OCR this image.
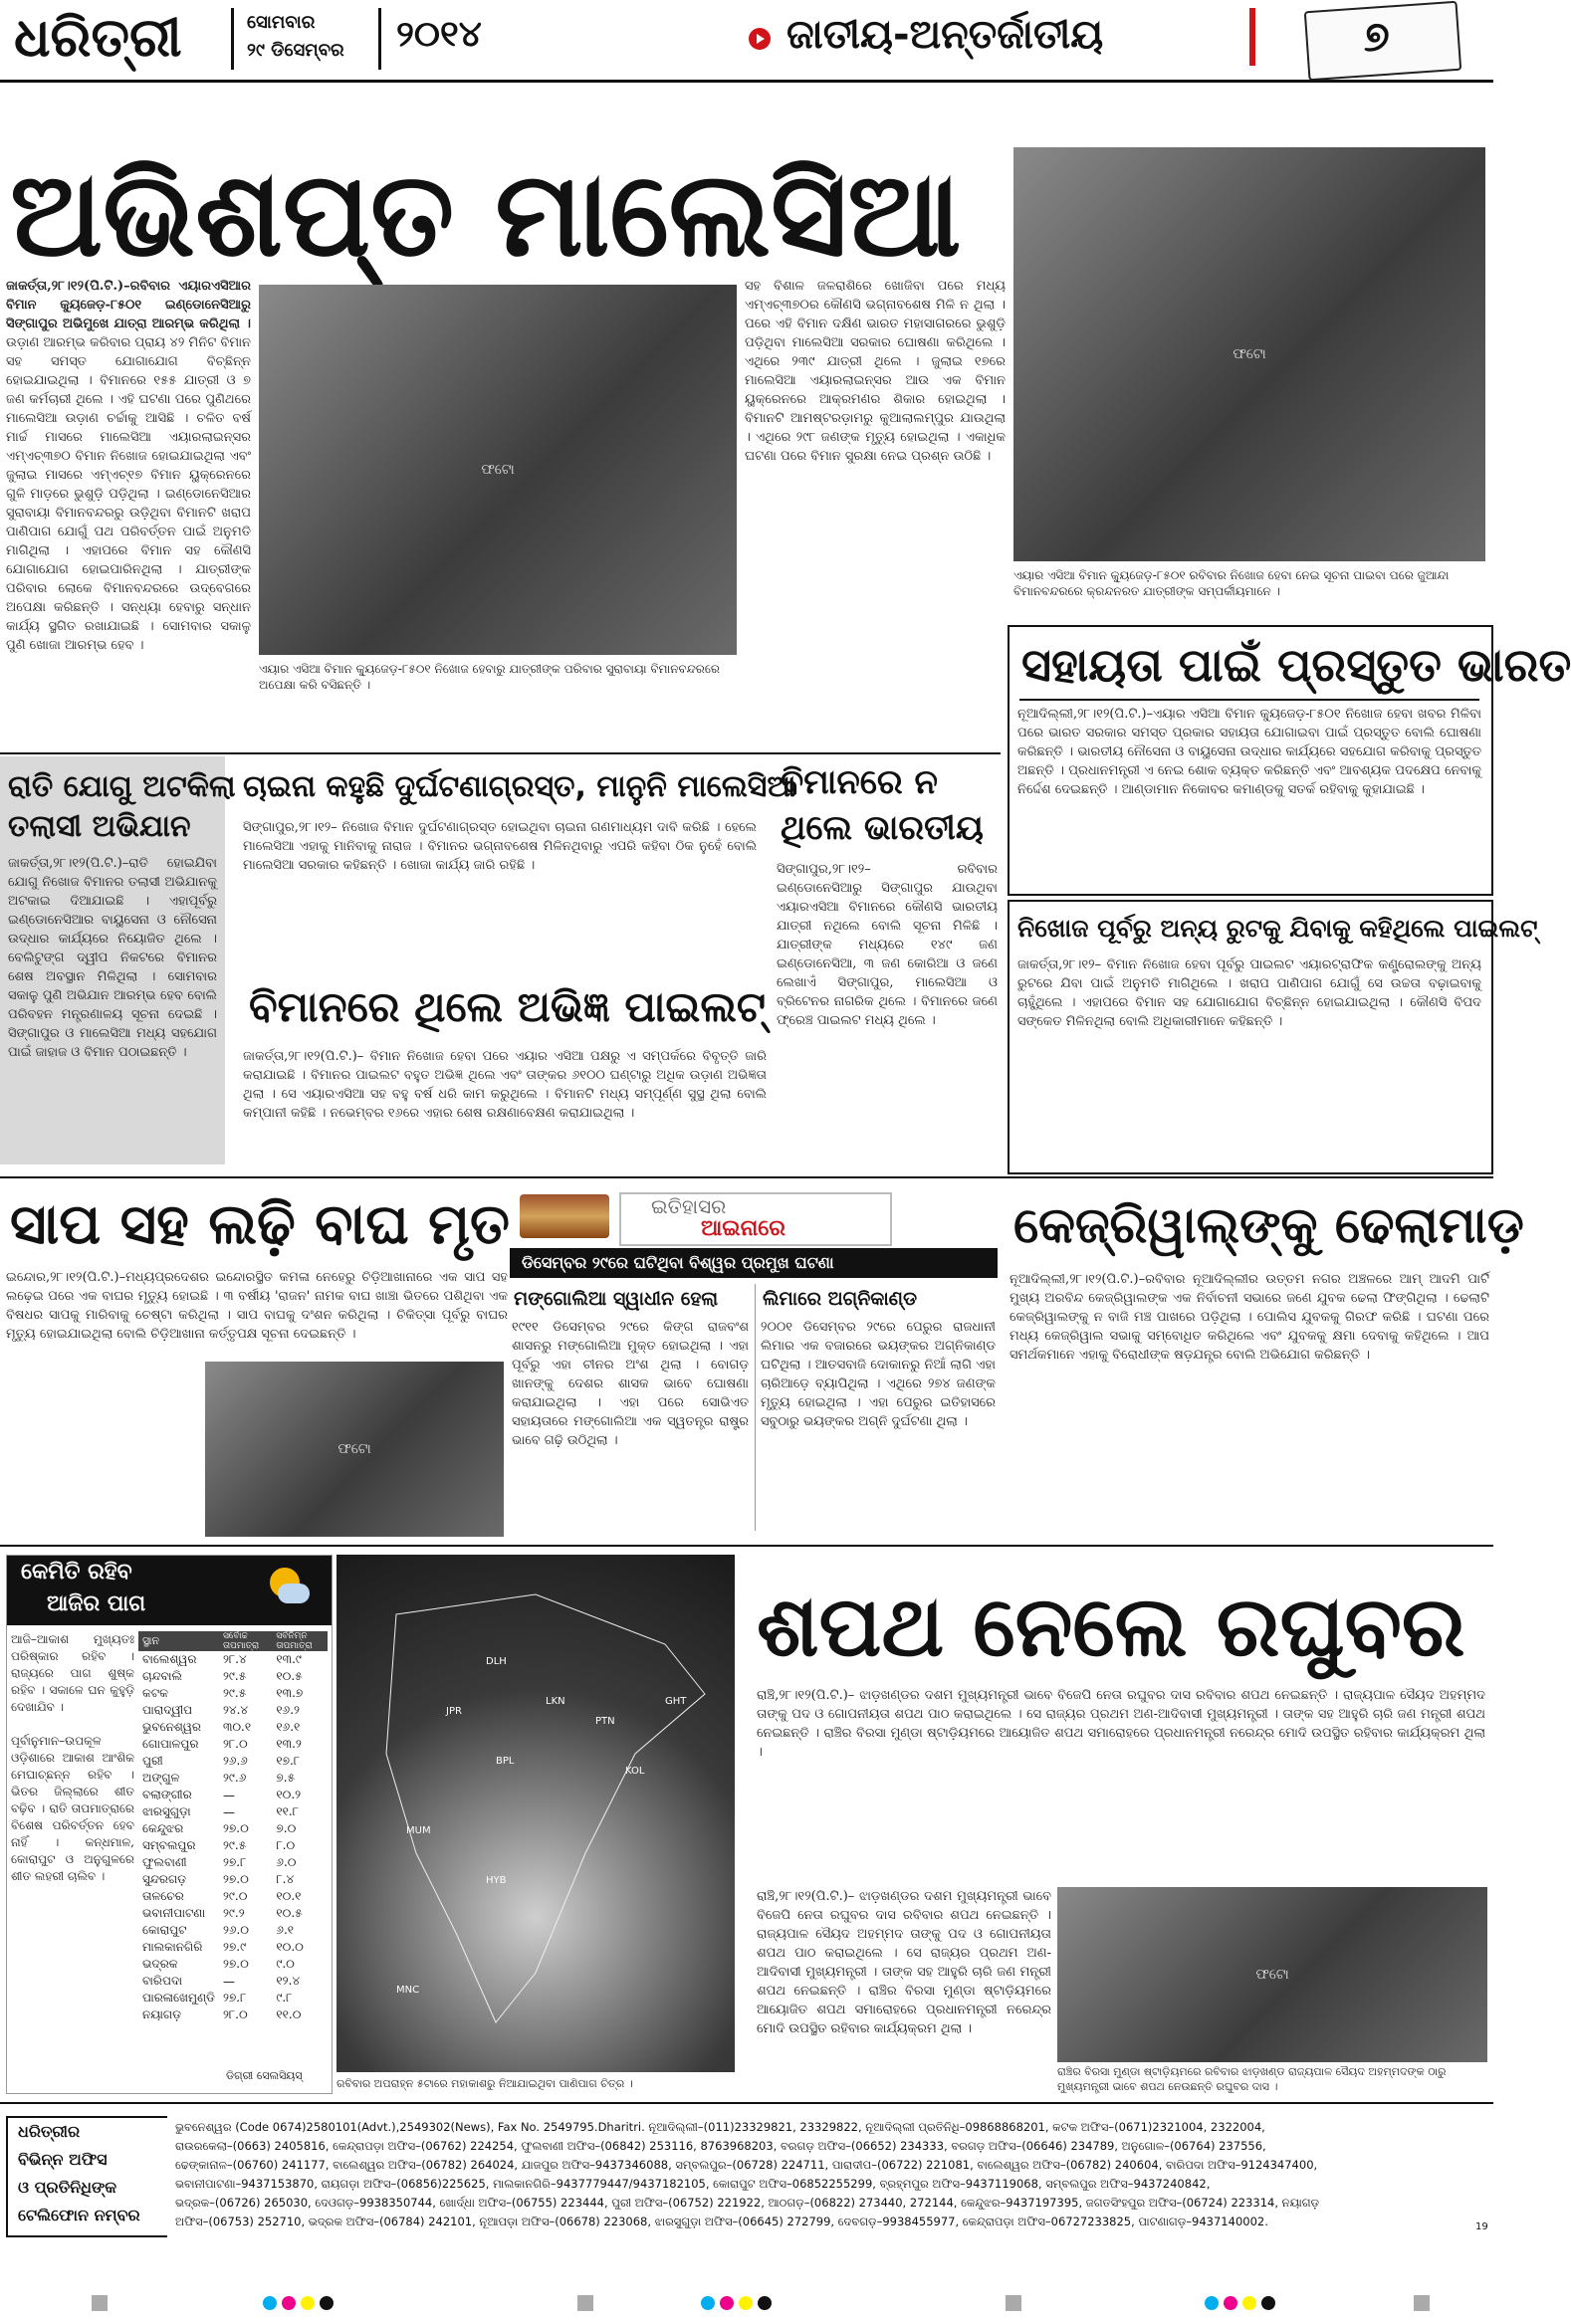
ଧରିତ୍ରୀ	ସୋମବାର
୨୯ ଡିସେମ୍ବର ୨୦୧୪	ଜାତୀୟ-ଅନ୍ତର୍ଜାତୀୟ	୭
ଅଭିଶପ୍ତ ମାଲେସିଆ
ଜାକର୍ତ୍ତା,୨୮।୧୨(ପି.ଟି.)–ରବିବାର ଏୟାରଏସିଆର ବିମାନ କ୍ୟୁଜେଡ଼-୮୫୦୧ ଇଣ୍ଡୋନେସିଆରୁ ସିଙ୍ଗାପୁର ଅଭିମୁଖେ ଯାତ୍ରା ଆରମ୍ଭ କରିଥିଲା । ଉଡ଼ାଣ ଆରମ୍ଭ କରିବାର ପ୍ରାୟ ୪୨ ମିନିଟ ବିମାନ ସହ ସମସ୍ତ ଯୋଗାଯୋଗ ବିଚ୍ଛିନ୍ନ ହୋଇଯାଇଥିଲା । ବିମାନରେ ୧୫୫ ଯାତ୍ରୀ ଓ ୭ ଜଣ କର୍ମଚାରୀ ଥିଲେ । ଏହି ଘଟଣା ପରେ ପୁଣିଥରେ ମାଲେସିଆ ଉଡ଼ାଣ ଚର୍ଚ୍ଚାକୁ ଆସିଛି । ଚଳିତ ବର୍ଷ ମାର୍ଚ୍ଚ ମାସରେ ମାଲେସିଆ ଏୟାରଲାଇନ୍ସର ଏମ୍ଏଚ୍୩୭୦ ବିମାନ ନିଖୋଜ ହୋଇଯାଇଥିଲା ଏବଂ ଜୁଲାଇ ମାସରେ ଏମ୍ଏଚ୍୧୭ ବିମାନ ୟୁକ୍ରେନରେ ଗୁଳି ମାଡ଼ରେ ଭୁଶୁଡ଼ି ପଡ଼ିଥିଲା । ଇଣ୍ଡୋନେସିଆର ସୁରାବାୟା ବିମାନବନ୍ଦରରୁ ଉଡ଼ିଥିବା ବିମାନଟି ଖରାପ ପାଣିପାଗ ଯୋଗୁଁ ପଥ ପରିବର୍ତ୍ତନ ପାଇଁ ଅନୁମତି ମାଗିଥିଲା । ଏହାପରେ ବିମାନ ସହ କୌଣସି ଯୋଗାଯୋଗ ହୋଇପାରିନଥିଲା । ଯାତ୍ରୀଙ୍କ ପରିବାର ଲୋକେ ବିମାନବନ୍ଦରରେ ଉଦ୍‌ବେଗରେ ଅପେକ୍ଷା କରିଛନ୍ତି । ସନ୍ଧ୍ୟା ହେବାରୁ ସନ୍ଧାନ କାର୍ଯ୍ୟ ସ୍ଥଗିତ ରଖାଯାଇଛି । ସୋମବାର ସକାଳୁ ପୁଣି ଖୋଜା ଆରମ୍ଭ ହେବ ।
ଫଟୋ
ଏୟାର ଏସିଆ ବିମାନ କ୍ୟୁଜେଡ଼-୮୫୦୧ ନିଖୋଜ ହେବାରୁ ଯାତ୍ରୀଙ୍କ ପରିବାର ସୁରାବାୟା ବିମାନବନ୍ଦରରେ ଅପେକ୍ଷା କରି ବସିଛନ୍ତି ।
ସହ ବିଶାଳ ଜଳରାଶିରେ ଖୋଜିବା ପରେ ମଧ୍ୟ ଏମ୍ଏଚ୍୩୭୦ର କୌଣସି ଭଗ୍ନାବଶେଷ ମିଳି ନ ଥିଲା । ପରେ ଏହି ବିମାନ ଦକ୍ଷିଣ ଭାରତ ମହାସାଗରରେ ଭୁଶୁଡ଼ି ପଡ଼ିଥିବା ମାଲେସିଆ ସରକାର ଘୋଷଣା କରିଥିଲେ । ଏଥିରେ ୨୩୯ ଯାତ୍ରୀ ଥିଲେ । ଜୁଲାଇ ୧୭ରେ ମାଲେସିଆ ଏୟାରଲାଇନ୍ସର ଆଉ ଏକ ବିମାନ ୟୁକ୍ରେନରେ ଆକ୍ରମଣର ଶିକାର ହୋଇଥିଲା । ବିମାନଟି ଆମଷ୍ଟରଡ଼ାମରୁ କୁଆଲାଲମ୍ପୁର ଯାଉଥିଲା । ଏଥିରେ ୨୯୮ ଜଣଙ୍କ ମୃତ୍ୟୁ ହୋଇଥିଲା । ଏକାଧିକ ଘଟଣା ପରେ ବିମାନ ସୁରକ୍ଷା ନେଇ ପ୍ରଶ୍ନ ଉଠିଛି ।
ଫଟୋ
ଏୟାର ଏସିଆ ବିମାନ କ୍ୟୁଜେଡ଼-୮୫୦୧ ରବିବାର ନିଖୋଜ ହେବା ନେଇ ସୂଚନା ପାଇବା ପରେ ଜୁଆନ୍ଦା ବିମାନବନ୍ଦରରେ କ୍ରନ୍ଦନରତ ଯାତ୍ରୀଙ୍କ ସମ୍ପର୍କୀୟମାନେ ।
ସହାୟତା ପାଇଁ ପ୍ରସ୍ତୁତ ଭାରତ
ନୂଆଦିଲ୍ଲୀ,୨୮।୧୨(ପି.ଟି.)–ଏୟାର ଏସିଆ ବିମାନ କ୍ୟୁଜେଡ଼-୮୫୦୧ ନିଖୋଜ ହେବା ଖବର ମିଳିବା ପରେ ଭାରତ ସରକାର ସମସ୍ତ ପ୍ରକାର ସହାୟତା ଯୋଗାଇବା ପାଇଁ ପ୍ରସ୍ତୁତ ବୋଲି ଘୋଷଣା କରିଛନ୍ତି । ଭାରତୀୟ ନୌସେନା ଓ ବାୟୁସେନା ଉଦ୍ଧାର କାର୍ଯ୍ୟରେ ସହଯୋଗ କରିବାକୁ ପ୍ରସ୍ତୁତ ଅଛନ୍ତି । ପ୍ରଧାନମନ୍ତ୍ରୀ ଏ ନେଇ ଶୋକ ବ୍ୟକ୍ତ କରିଛନ୍ତି ଏବଂ ଆବଶ୍ୟକ ପଦକ୍ଷେପ ନେବାକୁ ନିର୍ଦ୍ଦେଶ ଦେଇଛନ୍ତି । ଆଣ୍ଡାମାନ ନିକୋବର କମାଣ୍ଡକୁ ସତର୍କ ରହିବାକୁ କୁହାଯାଇଛି ।
ରାତି ଯୋଗୁ ଅଟକିଲା
ତଲାସୀ ଅଭିଯାନ
ଜାକର୍ତ୍ତା,୨୮।୧୨(ପି.ଟି.)–ରାତି ହୋଇଯିବା ଯୋଗୁ ନିଖୋଜ ବିମାନର ତଲାସୀ ଅଭିଯାନକୁ ଅଟକାଇ ଦିଆଯାଇଛି । ଏହାପୂର୍ବରୁ ଇଣ୍ଡୋନେସିଆର ବାୟୁସେନା ଓ ନୌସେନା ଉଦ୍ଧାର କାର୍ଯ୍ୟରେ ନିୟୋଜିତ ଥିଲେ । ବେଲିଟୁଙ୍ଗ ଦ୍ୱୀପ ନିକଟରେ ବିମାନର ଶେଷ ଅବସ୍ଥାନ ମିଳିଥିଲା । ସୋମବାର ସକାଳୁ ପୁଣି ଅଭିଯାନ ଆରମ୍ଭ ହେବ ବୋଲି ପରିବହନ ମନ୍ତ୍ରଣାଳୟ ସୂଚନା ଦେଇଛି । ସିଙ୍ଗାପୁର ଓ ମାଲେସିଆ ମଧ୍ୟ ସହଯୋଗ ପାଇଁ ଜାହାଜ ଓ ବିମାନ ପଠାଇଛନ୍ତି ।
ଚାଇନା କହୁଛି ଦୁର୍ଘଟଣାଗ୍ରସ୍ତ, ମାନୁନି ମାଲେସିଆ
ସିଙ୍ଗାପୁର,୨୮।୧୨– ନିଖୋଜ ବିମାନ ଦୁର୍ଘଟଣାଗ୍ରସ୍ତ ହୋଇଥିବା ଚାଇନା ଗଣମାଧ୍ୟମ ଦାବି କରିଛି । ହେଲେ ମାଲେସିଆ ଏହାକୁ ମାନିବାକୁ ନାରାଜ । ବିମାନର ଭଗ୍ନାବଶେଷ ମିଳିନଥିବାରୁ ଏପରି କହିବା ଠିକ ନୁହେଁ ବୋଲି ମାଲେସିଆ ସରକାର କହିଛନ୍ତି । ଖୋଜା କାର୍ଯ୍ୟ ଜାରି ରହିଛି ।
ବିମାନରେ ନ
ଥିଲେ ଭାରତୀୟ
ସିଙ୍ଗାପୁର,୨୮।୧୨– ରବିବାର ଇଣ୍ଡୋନେସିଆରୁ ସିଙ୍ଗାପୁର ଯାଉଥିବା ଏୟାରଏସିଆ ବିମାନରେ କୌଣସି ଭାରତୀୟ ଯାତ୍ରୀ ନଥିଲେ ବୋଲି ସୂଚନା ମିଳିଛି । ଯାତ୍ରୀଙ୍କ ମଧ୍ୟରେ ୧୪୯ ଜଣ ଇଣ୍ଡୋନେସିଆ, ୩ ଜଣ କୋରିଆ ଓ ଜଣେ ଲେଖାଏଁ ସିଙ୍ଗାପୁର, ମାଲେସିଆ ଓ ବ୍ରିଟେନର ନାଗରିକ ଥିଲେ । ବିମାନରେ ଜଣେ ଫ୍ରେଞ୍ଚ ପାଇଲଟ ମଧ୍ୟ ଥିଲେ ।
ବିମାନରେ ଥିଲେ ଅଭିଜ୍ଞ ପାଇଲଟ୍
ଜାକର୍ତ୍ତା,୨୮।୧୨(ପି.ଟି.)– ବିମାନ ନିଖୋଜ ହେବା ପରେ ଏୟାର ଏସିଆ ପକ୍ଷରୁ ଏ ସମ୍ପର୍କରେ ବିବୃତ୍ତି ଜାରି କରାଯାଇଛି । ବିମାନର ପାଇଲଟ ବହୁତ ଅଭିଜ୍ଞ ଥିଲେ ଏବଂ ତାଙ୍କର ୬୧୦୦ ଘଣ୍ଟାରୁ ଅଧିକ ଉଡ଼ାଣ ଅଭିଜ୍ଞତା ଥିଲା । ସେ ଏୟାରଏସିଆ ସହ ବହୁ ବର୍ଷ ଧରି କାମ କରୁଥିଲେ । ବିମାନଟି ମଧ୍ୟ ସମ୍ପୂର୍ଣ୍ଣ ସୁସ୍ଥ ଥିଲା ବୋଲି କମ୍ପାନୀ କହିଛି । ନଭେମ୍ବର ୧୬ରେ ଏହାର ଶେଷ ରକ୍ଷଣାବେକ୍ଷଣ କରାଯାଇଥିଲା ।
ନିଖୋଜ ପୂର୍ବରୁ ଅନ୍ୟ ରୁଟକୁ ଯିବାକୁ କହିଥିଲେ ପାଇଲଟ୍
ଜାକର୍ତ୍ତା,୨୮।୧୨– ବିମାନ ନିଖୋଜ ହେବା ପୂର୍ବରୁ ପାଇଲଟ ଏୟାରଟ୍ରାଫିକ କଣ୍ଟ୍ରୋଲଙ୍କୁ ଅନ୍ୟ ରୁଟରେ ଯିବା ପାଇଁ ଅନୁମତି ମାଗିଥିଲେ । ଖରାପ ପାଣିପାଗ ଯୋଗୁଁ ସେ ଉଚ୍ଚତା ବଢ଼ାଇବାକୁ ଚାହୁଁଥିଲେ । ଏହାପରେ ବିମାନ ସହ ଯୋଗାଯୋଗ ବିଚ୍ଛିନ୍ନ ହୋଇଯାଇଥିଲା । କୌଣସି ବିପଦ ସଙ୍କେତ ମିଳିନଥିଲା ବୋଲି ଅଧିକାରୀମାନେ କହିଛନ୍ତି ।
ସାପ ସହ ଲଢ଼ି ବାଘ ମୃତ
ଇନ୍ଦୋର,୨୮।୧୨(ପି.ଟି.)–ମଧ୍ୟପ୍ରଦେଶର ଇନ୍ଦୋରସ୍ଥିତ କମଳା ନେହେରୁ ଚିଡ଼ିଆଖାନାରେ ଏକ ସାପ ସହ ଲଢ଼େଇ ପରେ ଏକ ବାଘର ମୃତ୍ୟୁ ହୋଇଛି । ୩ ବର୍ଷୀୟ 'ରାଜନ' ନାମକ ବାଘ ଖାଞ୍ଚା ଭିତରେ ପଶିଥିବା ଏକ ବିଷଧର ସାପକୁ ମାରିବାକୁ ଚେଷ୍ଟା କରିଥିଲା । ସାପ ବାଘକୁ ଦଂଶନ କରିଥିଲା । ଚିକିତ୍ସା ପୂର୍ବରୁ ବାଘର ମୃତ୍ୟୁ ହୋଇଯାଇଥିଲା ବୋଲି ଚିଡ଼ିଆଖାନା କର୍ତ୍ତୃପକ୍ଷ ସୂଚନା ଦେଇଛନ୍ତି ।
ଫଟୋ
ଇତିହାସର
ଆଇନାରେ
ଡିସେମ୍ବର ୨୯ରେ ଘଟିଥିବା ବିଶ୍ୱର ପ୍ରମୁଖ ଘଟଣା
ମଙ୍ଗୋଲିଆ ସ୍ୱାଧୀନ ହେଲା
୧୯୧୧ ଡିସେମ୍ବର ୨୯ରେ କିଙ୍ଗ ରାଜବଂଶ ଶାସନରୁ ମଙ୍ଗୋଲିଆ ମୁକ୍ତ ହୋଇଥିଲା । ଏହା ପୂର୍ବରୁ ଏହା ଚୀନର ଅଂଶ ଥିଲା । ବୋଗଡ଼ ଖାନଙ୍କୁ ଦେଶର ଶାସକ ଭାବେ ଘୋଷଣା କରାଯାଇଥିଲା । ଏହା ପରେ ସୋଭିଏତ ସହାୟତାରେ ମଙ୍ଗୋଲିଆ ଏକ ସ୍ୱତନ୍ତ୍ର ରାଷ୍ଟ୍ର ଭାବେ ଗଢ଼ି ଉଠିଥିଲା ।
ଲିମାରେ ଅଗ୍ନିକାଣ୍ଡ
୨୦୦୧ ଡିସେମ୍ବର ୨୯ରେ ପେରୁର ରାଜଧାନୀ ଲିମାର ଏକ ବଜାରରେ ଭୟଙ୍କର ଅଗ୍ନିକାଣ୍ଡ ଘଟିଥିଲା । ଆତସବାଜି ଦୋକାନରୁ ନିଆଁ ଲାଗି ଏହା ଚାରିଆଡ଼େ ବ୍ୟାପିଥିଲା । ଏଥିରେ ୨୭୪ ଜଣଙ୍କ ମୃତ୍ୟୁ ହୋଇଥିଲା । ଏହା ପେରୁର ଇତିହାସରେ ସବୁଠାରୁ ଭୟଙ୍କର ଅଗ୍ନି ଦୁର୍ଘଟଣା ଥିଲା ।
କେଜ୍‌ରିୱାଲ୍‌ଙ୍କୁ ଢେଲାମାଡ଼
ନୂଆଦିଲ୍ଲୀ,୨୮।୧୨(ପି.ଟି.)–ରବିବାର ନୂଆଦିଲ୍ଲୀର ଉତ୍ତମ ନଗର ଅଞ୍ଚଳରେ ଆମ୍ ଆଦମି ପାର୍ଟି ମୁଖ୍ୟ ଅରବିନ୍ଦ କେଜ୍‌ରିୱାଲଙ୍କ ଏକ ନିର୍ବାଚନୀ ସଭାରେ ଜଣେ ଯୁବକ ଢେଲା ଫିଙ୍ଗିଥିଲା । ଢେଲାଟି କେଜ୍‌ରିୱାଲଙ୍କୁ ନ ବାଜି ମଞ୍ଚ ପାଖରେ ପଡ଼ିଥିଲା । ପୋଲିସ ଯୁବକକୁ ଗିରଫ କରିଛି । ଘଟଣା ପରେ ମଧ୍ୟ କେଜ୍‌ରିୱାଲ ସଭାକୁ ସମ୍ବୋଧିତ କରିଥିଲେ ଏବଂ ଯୁବକକୁ କ୍ଷମା ଦେବାକୁ କହିଥିଲେ । ଆପ ସମର୍ଥକମାନେ ଏହାକୁ ବିରୋଧୀଙ୍କ ଷଡ଼ଯନ୍ତ୍ର ବୋଲି ଅଭିଯୋଗ କରିଛନ୍ତି ।
କେମିତି ରହିବ
ଆଜିର ପାଗ
ଆଜି–ଆକାଶ ମୁଖ୍ୟତଃ ପରିଷ୍କାର ରହିବ । ରାଜ୍ୟରେ ପାଗ ଶୁଷ୍କ ରହିବ । ସକାଳେ ଘନ କୁହୁଡ଼ି ଦେଖାଯିବ ।

ପୂର୍ବାନୁମାନ–ଉପକୂଳ ଓଡ଼ିଶାରେ ଆକାଶ ଆଂଶିକ ମେଘାଚ୍ଛନ୍ନ ରହିବ । ଭିତର ଜିଲ୍ଲାରେ ଶୀତ ବଢ଼ିବ । ରାତି ତାପମାତ୍ରାରେ ବିଶେଷ ପରିବର୍ତ୍ତନ ହେବ ନାହିଁ । କନ୍ଧମାଳ, କୋରାପୁଟ ଓ ଅନୁଗୁଳରେ ଶୀତ ଲହରୀ ଚାଲିବ ।
ସ୍ଥାନ	ସର୍ବୋଚ୍ଚ ତାପମାତ୍ରା	ସର୍ବନିମ୍ନ ତାପମାତ୍ରା
ବାଲେଶ୍ୱର	୨୮.୪	୧୩.୯
ଚାନ୍ଦବାଲି	୨୯.୫	୧୦.୫
କଟକ	୨୯.୫	୧୩.୭
ପାରାଦ୍ୱୀପ	୨୪.୪	୧୬.୨
ଭୁବନେଶ୍ୱର	୩୦.୧	୧୬.୧
ଗୋପାଳପୁର	୨୮.୦	୧୩.୨
ପୁରୀ	୨୬.୬	୧୭.୮
ଅଙ୍ଗୁଳ	୨୯.୬	୭.୫
ବଲାଙ୍ଗୀର	—	୧୦.୨
ଝାରସୁଗୁଡ଼ା	—	୧୧.୮
କେନ୍ଦୁଝର	୨୭.୦	୭.୦
ସମ୍ବଲପୁର	୨୯.୫	୮.୦
ଫୁଲବାଣୀ	୨୭.୮	୬.୦
ସୁନ୍ଦରଗଡ଼	୨୭.୦	୮.୪
ତାଳଚେର	୨୯.୦	୧୦.୧
ଭବାନୀପାଟଣା	୨୯.୨	୧୦.୫
କୋରାପୁଟ	୨୬.୦	୬.୧
ମାଲକାନଗିରି	୨୭.୯	୧୦.୦
ଭଦ୍ରକ	୨୭.୦	୯.୦
ବାରିପଦା	—	୧୨.୪
ପାରଳାଖେମୁଣ୍ଡି	୨୭.୮	୯.୮
ନୟାଗଡ଼	୨୮.୦	୧୧.୦
ଡିଗ୍ରୀ ସେଲସିୟସ୍
DLH
LKN
JPR
KOL
BPL
HYB
MUM
MNC
PTN
GHT
ରବିବାର ଅପରାହ୍ନ ୫ଟାରେ ମହାକାଶରୁ ନିଆଯାଇଥିବା ପାଣିପାଗ ଚିତ୍ର ।
ଶପଥ ନେଲେ ରଘୁବର
ରାଞ୍ଚି,୨୮।୧୨(ପି.ଟି.)– ଝାଡ଼ଖଣ୍ଡର ଦଶମ ମୁଖ୍ୟମନ୍ତ୍ରୀ ଭାବେ ବିଜେପି ନେତା ରଘୁବର ଦାସ ରବିବାର ଶପଥ ନେଇଛନ୍ତି । ରାଜ୍ୟପାଳ ସୈୟଦ ଅହମ୍ମଦ ତାଙ୍କୁ ପଦ ଓ ଗୋପନୀୟତା ଶପଥ ପାଠ କରାଇଥିଲେ । ସେ ରାଜ୍ୟର ପ୍ରଥମ ଅଣ-ଆଦିବାସୀ ମୁଖ୍ୟମନ୍ତ୍ରୀ । ତାଙ୍କ ସହ ଆହୁରି ଚାରି ଜଣ ମନ୍ତ୍ରୀ ଶପଥ ନେଇଛନ୍ତି । ରାଞ୍ଚିର ବିରସା ମୁଣ୍ଡା ଷ୍ଟାଡ଼ିୟମରେ ଆୟୋଜିତ ଶପଥ ସମାରୋହରେ ପ୍ରଧାନମନ୍ତ୍ରୀ ନରେନ୍ଦ୍ର ମୋଦି ଉପସ୍ଥିତ ରହିବାର କାର୍ଯ୍ୟକ୍ରମ ଥିଲା ।
ଫଟୋ
ରାଞ୍ଚିର ବିରସା ମୁଣ୍ଡା ଷ୍ଟାଡ଼ିୟମରେ ରବିବାର ଝାଡ଼ଖଣ୍ଡ ରାଜ୍ୟପାଳ ସୈୟଦ ଅହମ୍ମଦଙ୍କ ଠାରୁ ମୁଖ୍ୟମନ୍ତ୍ରୀ ଭାବେ ଶପଥ ନେଉଛନ୍ତି ରଘୁବର ଦାସ ।
ରାଞ୍ଚି,୨୮।୧୨(ପି.ଟି.)– ଝାଡ଼ଖଣ୍ଡର ଦଶମ ମୁଖ୍ୟମନ୍ତ୍ରୀ ଭାବେ ବିଜେପି ନେତା ରଘୁବର ଦାସ ରବିବାର ଶପଥ ନେଇଛନ୍ତି । ରାଜ୍ୟପାଳ ସୈୟଦ ଅହମ୍ମଦ ତାଙ୍କୁ ପଦ ଓ ଗୋପନୀୟତା ଶପଥ ପାଠ କରାଇଥିଲେ । ସେ ରାଜ୍ୟର ପ୍ରଥମ ଅଣ-ଆଦିବାସୀ ମୁଖ୍ୟମନ୍ତ୍ରୀ । ତାଙ୍କ ସହ ଆହୁରି ଚାରି ଜଣ ମନ୍ତ୍ରୀ ଶପଥ ନେଇଛନ୍ତି । ରାଞ୍ଚିର ବିରସା ମୁଣ୍ଡା ଷ୍ଟାଡ଼ିୟମରେ ଆୟୋଜିତ ଶପଥ ସମାରୋହରେ ପ୍ରଧାନମନ୍ତ୍ରୀ ନରେନ୍ଦ୍ର ମୋଦି ଉପସ୍ଥିତ ରହିବାର କାର୍ଯ୍ୟକ୍ରମ ଥିଲା ।
ଧରିତ୍ରୀର
ବିଭିନ୍ନ ଅଫିସ
ଓ ପ୍ରତିନିଧିଙ୍କ
ଟେଲିଫୋନ ନମ୍ବର
ଭୁବନେଶ୍ୱର (Code 0674)2580101(Advt.),2549302(News), Fax No. 2549795.Dharitri. ନୂଆଦିଲ୍ଲୀ–(011)23329821, 23329822, ନୂଆଦିଲ୍ଲୀ ପ୍ରତିନିଧି–09868868201, କଟକ ଅଫିସ–(0671)2321004, 2322004,
ରାଉରକେଲା–(0663) 2405816, କେନ୍ଦ୍ରାପଡ଼ା ଅଫିସ–(06762) 224254, ଫୁଲବାଣୀ ଅଫିସ–(06842) 253116, 8763968203, ବରଗଡ଼ ଅଫିସ–(06652) 234333, ବରଗଡ଼ ଅଫିସ–(06646) 234789, ଅନୁଗୋଳ–(06764) 237556,
ଢେଙ୍କାନାଳ–(06760) 241177, ବାଲେଶ୍ୱର ଅଫିସ–(06782) 264024, ଯାଜପୁର ଅଫିସ–9437346088, ସମ୍ବଲପୁର–(06728) 224711, ପାରାଦୀପ–(06722) 221081, ବାଲେଶ୍ୱର ଅଫିସ–(06782) 240604, ବାରିପଦା ଅଫିସ–9124347400,
ଭବାନୀପାଟଣା–9437153870, ରାୟଗଡ଼ା ଅଫିସ–(06856)225625, ମାଲକାନଗିରି–9437779447/9437182105, କୋରାପୁଟ ଅଫିସ–06852255299, ବ୍ରହ୍ମପୁର ଅଫିସ–9437119068, ସମ୍ବଲପୁର ଅଫିସ–9437240842,
ଭଦ୍ରକ–(06726) 265030, ଦେଓଗଡ଼–9938350744, ଖୋର୍ଦ୍ଧା ଅଫିସ–(06755) 223444, ପୁରୀ ଅଫିସ–(06752) 221922, ଆଠଗଡ଼–(06822) 273440, 272144, କେନ୍ଦୁଝର–9437197395, ଜଗତସିଂହପୁର ଅଫିସ–(06724) 223314, ନୟାଗଡ଼
ଅଫିସ–(06753) 252710, ଭଦ୍ରକ ଅଫିସ–(06784) 242101, ନୂଆପଡ଼ା ଅଫିସ–(06678) 223068, ଝାରସୁଗୁଡ଼ା ଅଫିସ–(06645) 272799, ଦେବଗଡ଼–9938455977, କେନ୍ଦ୍ରାପଡ଼ା ଅଫିସ–06727233825, ପାଟଣାଗଡ଼–9437140002.	19
